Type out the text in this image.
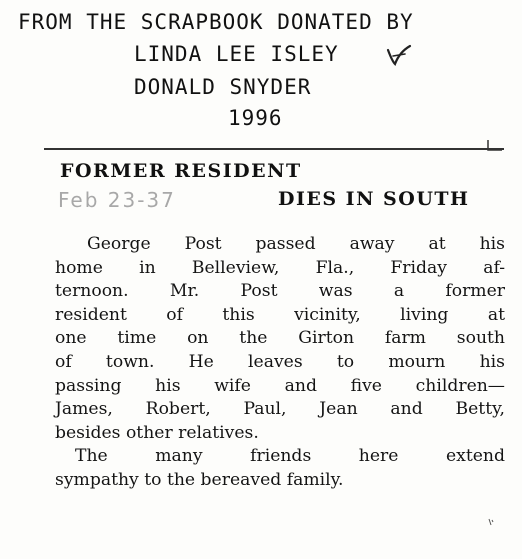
FROM THE SCRAPBOOK DONATED BY
LINDA LEE ISLEY
DONALD SNYDER
1996
FORMER RESIDENT
Feb 23-37	DIES IN SOUTH
George Post passed away at his
home in Belleview, Fla., Friday af-
ternoon. Mr. Post was a former
resident of this vicinity, living at
one time on the Girton farm south
of town. He leaves to mourn his
passing his wife and five children—
James, Robert, Paul, Jean and Betty,
besides other relatives.
The many friends here extend
sympathy to the bereaved family.
